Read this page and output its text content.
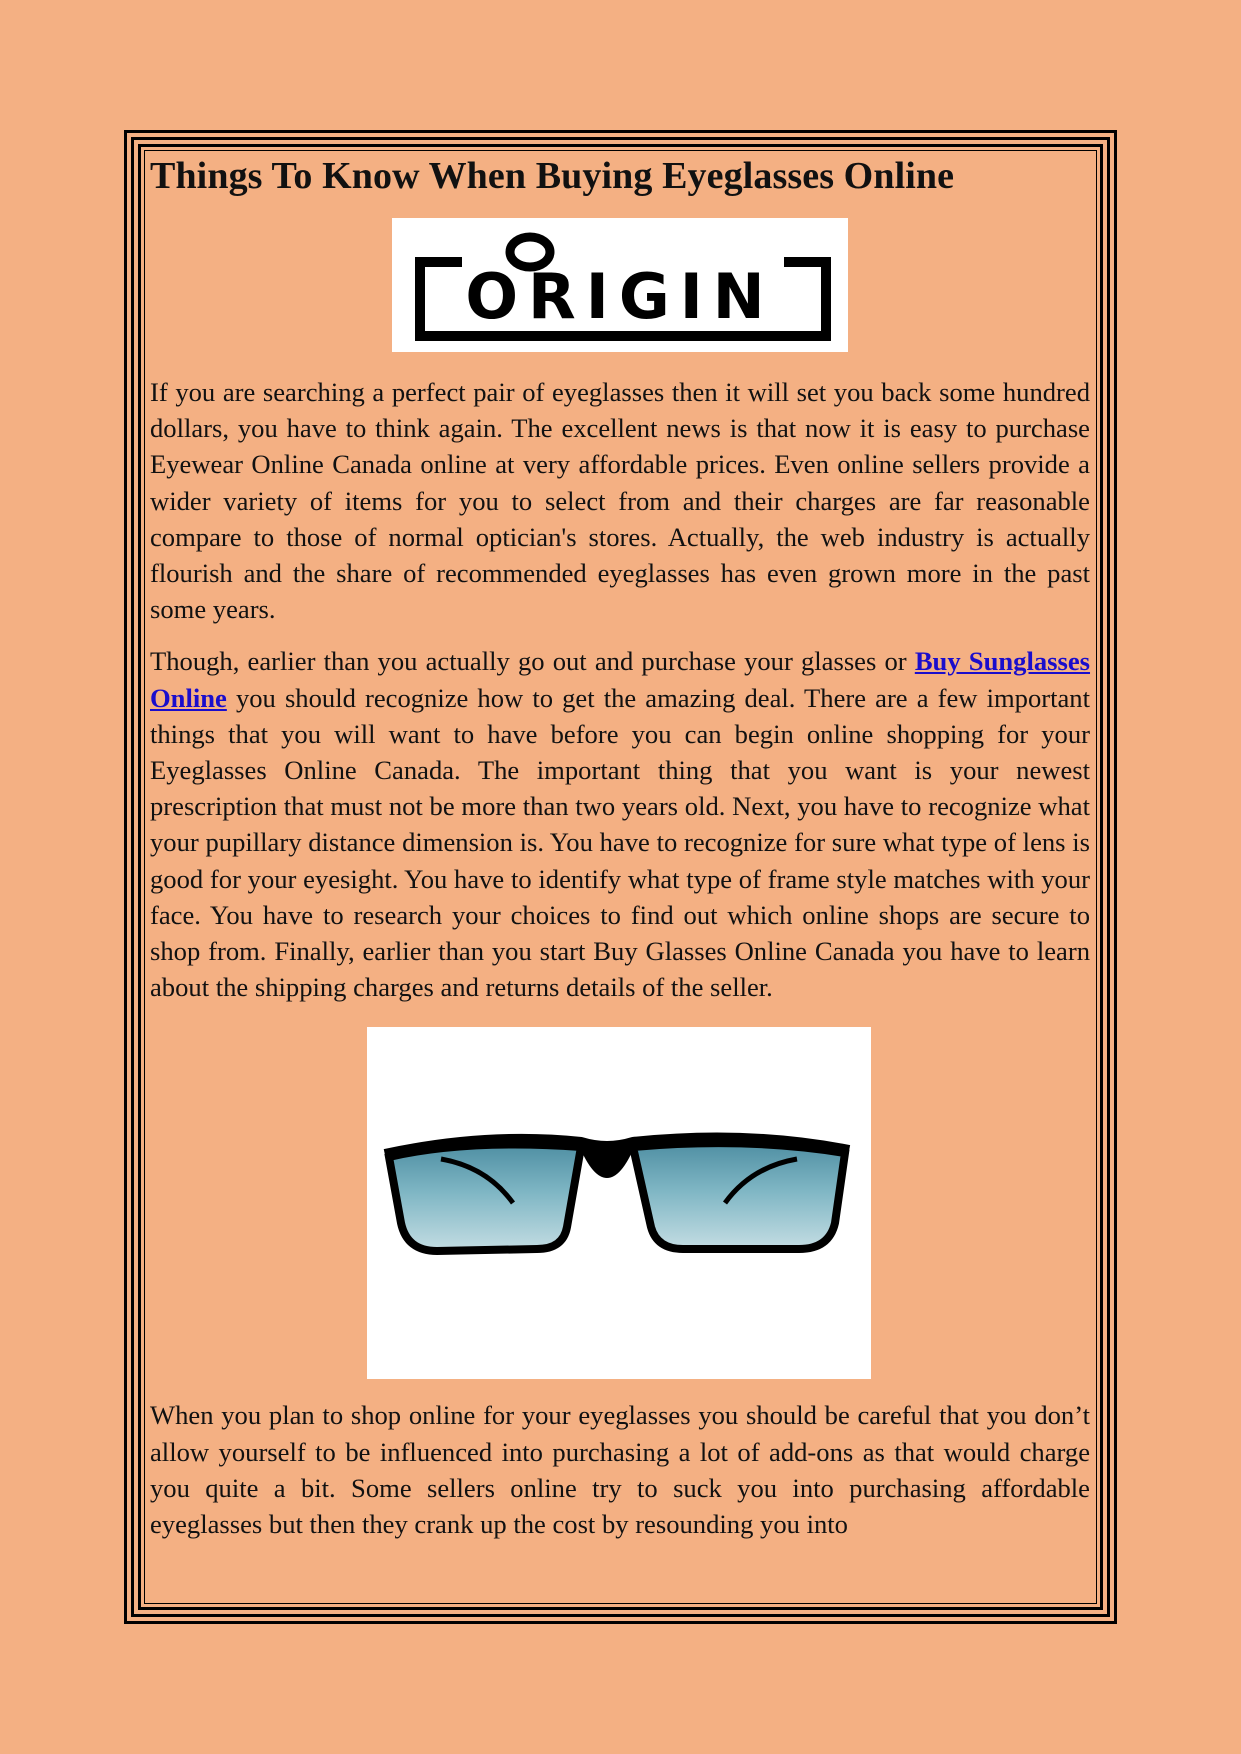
Things To Know When Buying Eyeglasses Online
ORIGIN

If you are searching a perfect pair of eyeglasses then it will set you back some hundred dollars, you have to think again. The excellent news is that now it is easy to purchase Eyewear Online Canada online at very affordable prices. Even online sellers provide a wider variety of items for you to select from and their charges are far reasonable compare to those of normal optician's stores. Actually, the web industry is actually flourish and the share of recommended eyeglasses has even grown more in the past some years.

Though, earlier than you actually go out and purchase your glasses or Buy Sunglasses Online you should recognize how to get the amazing deal. There are a few important things that you will want to have before you can begin online shopping for your Eyeglasses Online Canada. The important thing that you want is your newest prescription that must not be more than two years old. Next, you have to recognize what your pupillary distance dimension is. You have to recognize for sure what type of lens is good for your eyesight. You have to identify what type of frame style matches with your face. You have to research your choices to find out which online shops are secure to shop from. Finally, earlier than you start Buy Glasses Online Canada you have to learn about the shipping charges and returns details of the seller.

When you plan to shop online for your eyeglasses you should be careful that you don’t allow yourself to be influenced into purchasing a lot of add-ons as that would charge you quite a bit. Some sellers online try to suck you into purchasing affordable eyeglasses but then they crank up the cost by resounding you into
